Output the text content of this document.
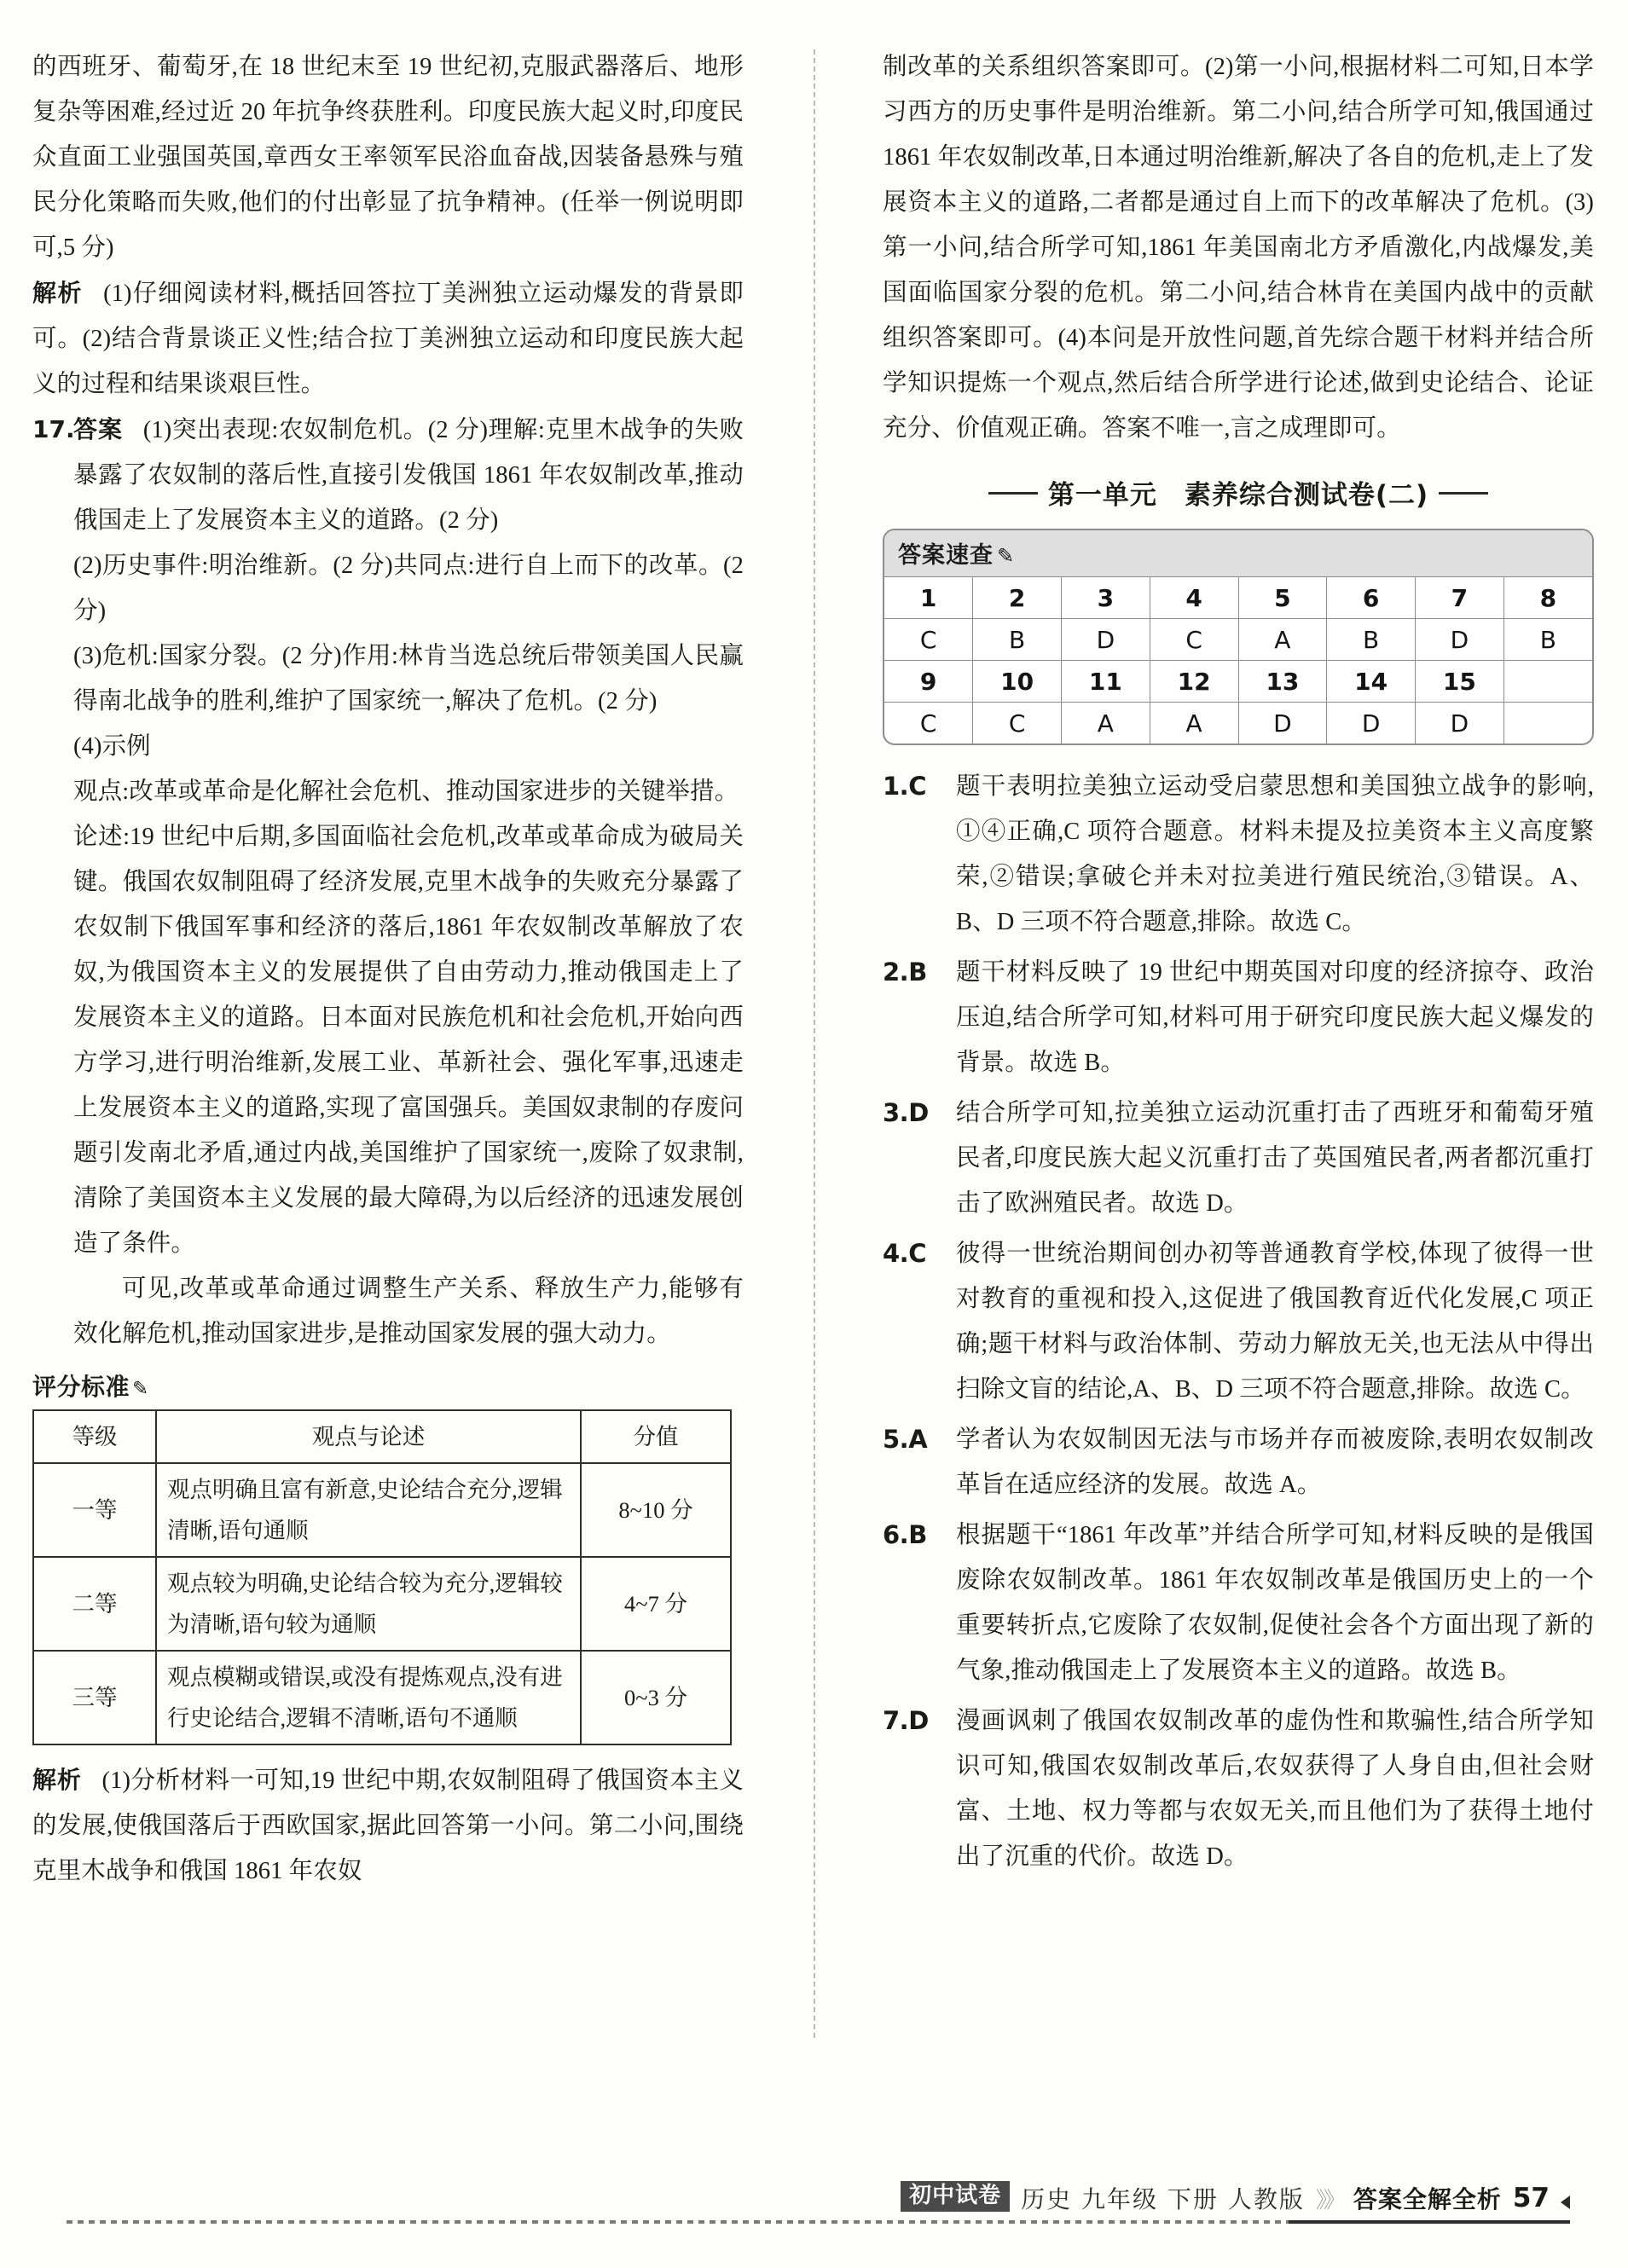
的西班牙、葡萄牙,在 18 世纪末至 19 世纪初,克服武器落后、地形复杂等困难,经过近 20 年抗争终获胜利。印度民族大起义时,印度民众直面工业强国英国,章西女王率领军民浴血奋战,因装备悬殊与殖民分化策略而失败,他们的付出彰显了抗争精神。(任举一例说明即可,5 分)
解析 (1)仔细阅读材料,概括回答拉丁美洲独立运动爆发的背景即可。(2)结合背景谈正义性;结合拉丁美洲独立运动和印度民族大起义的过程和结果谈艰巨性。
17.
答案 (1)突出表现:农奴制危机。(2 分)理解:克里木战争的失败暴露了农奴制的落后性,直接引发俄国 1861 年农奴制改革,推动俄国走上了发展资本主义的道路。(2 分)
(2)历史事件:明治维新。(2 分)共同点:进行自上而下的改革。(2 分)
(3)危机:国家分裂。(2 分)作用:林肯当选总统后带领美国人民赢得南北战争的胜利,维护了国家统一,解决了危机。(2 分)
(4)示例
观点:改革或革命是化解社会危机、推动国家进步的关键举措。
论述:19 世纪中后期,多国面临社会危机,改革或革命成为破局关键。俄国农奴制阻碍了经济发展,克里木战争的失败充分暴露了农奴制下俄国军事和经济的落后,1861 年农奴制改革解放了农奴,为俄国资本主义的发展提供了自由劳动力,推动俄国走上了发展资本主义的道路。日本面对民族危机和社会危机,开始向西方学习,进行明治维新,发展工业、革新社会、强化军事,迅速走上发展资本主义的道路,实现了富国强兵。美国奴隶制的存废问题引发南北矛盾,通过内战,美国维护了国家统一,废除了奴隶制,清除了美国资本主义发展的最大障碍,为以后经济的迅速发展创造了条件。
可见,改革或革命通过调整生产关系、释放生产力,能够有效化解危机,推动国家进步,是推动国家发展的强大动力。
评分标准 ✎
等级	观点与论述	分值
一等	观点明确且富有新意,史论结合充分,逻辑清晰,语句通顺	8~10 分
二等	观点较为明确,史论结合较为充分,逻辑较为清晰,语句较为通顺	4~7 分
三等	观点模糊或错误,或没有提炼观点,没有进行史论结合,逻辑不清晰,语句不通顺	0~3 分
解析 (1)分析材料一可知,19 世纪中期,农奴制阻碍了俄国资本主义的发展,使俄国落后于西欧国家,据此回答第一小问。第二小问,围绕克里木战争和俄国 1861 年农奴
制改革的关系组织答案即可。(2)第一小问,根据材料二可知,日本学习西方的历史事件是明治维新。第二小问,结合所学可知,俄国通过 1861 年农奴制改革,日本通过明治维新,解决了各自的危机,走上了发展资本主义的道路,二者都是通过自上而下的改革解决了危机。(3)第一小问,结合所学可知,1861 年美国南北方矛盾激化,内战爆发,美国面临国家分裂的危机。第二小问,结合林肯在美国内战中的贡献组织答案即可。(4)本问是开放性问题,首先综合题干材料并结合所学知识提炼一个观点,然后结合所学进行论述,做到史论结合、论证充分、价值观正确。答案不唯一,言之成理即可。
第一单元　素养综合测试卷(二)
答案速查 ✎
1	2	3	4	5	6	7	8
C	B	D	C	A	B	D	B
9	10	11	12	13	14	15	
C	C	A	A	D	D	D	
1.C 题干表明拉美独立运动受启蒙思想和美国独立战争的影响,①④正确,C 项符合题意。材料未提及拉美资本主义高度繁荣,②错误;拿破仑并未对拉美进行殖民统治,③错误。A、B、D 三项不符合题意,排除。故选 C。
2.B 题干材料反映了 19 世纪中期英国对印度的经济掠夺、政治压迫,结合所学可知,材料可用于研究印度民族大起义爆发的背景。故选 B。
3.D 结合所学可知,拉美独立运动沉重打击了西班牙和葡萄牙殖民者,印度民族大起义沉重打击了英国殖民者,两者都沉重打击了欧洲殖民者。故选 D。
4.C 彼得一世统治期间创办初等普通教育学校,体现了彼得一世对教育的重视和投入,这促进了俄国教育近代化发展,C 项正确;题干材料与政治体制、劳动力解放无关,也无法从中得出扫除文盲的结论,A、B、D 三项不符合题意,排除。故选 C。
5.A 学者认为农奴制因无法与市场并存而被废除,表明农奴制改革旨在适应经济的发展。故选 A。
6.B 根据题干“1861 年改革”并结合所学可知,材料反映的是俄国废除农奴制改革。1861 年农奴制改革是俄国历史上的一个重要转折点,它废除了农奴制,促使社会各个方面出现了新的气象,推动俄国走上了发展资本主义的道路。故选 B。
7.D 漫画讽刺了俄国农奴制改革的虚伪性和欺骗性,结合所学知识可知,俄国农奴制改革后,农奴获得了人身自由,但社会财富、土地、权力等都与农奴无关,而且他们为了获得土地付出了沉重的代价。故选 D。
初中试卷 历史 九年级 下册 人教版 》》 答案全解全析 57
